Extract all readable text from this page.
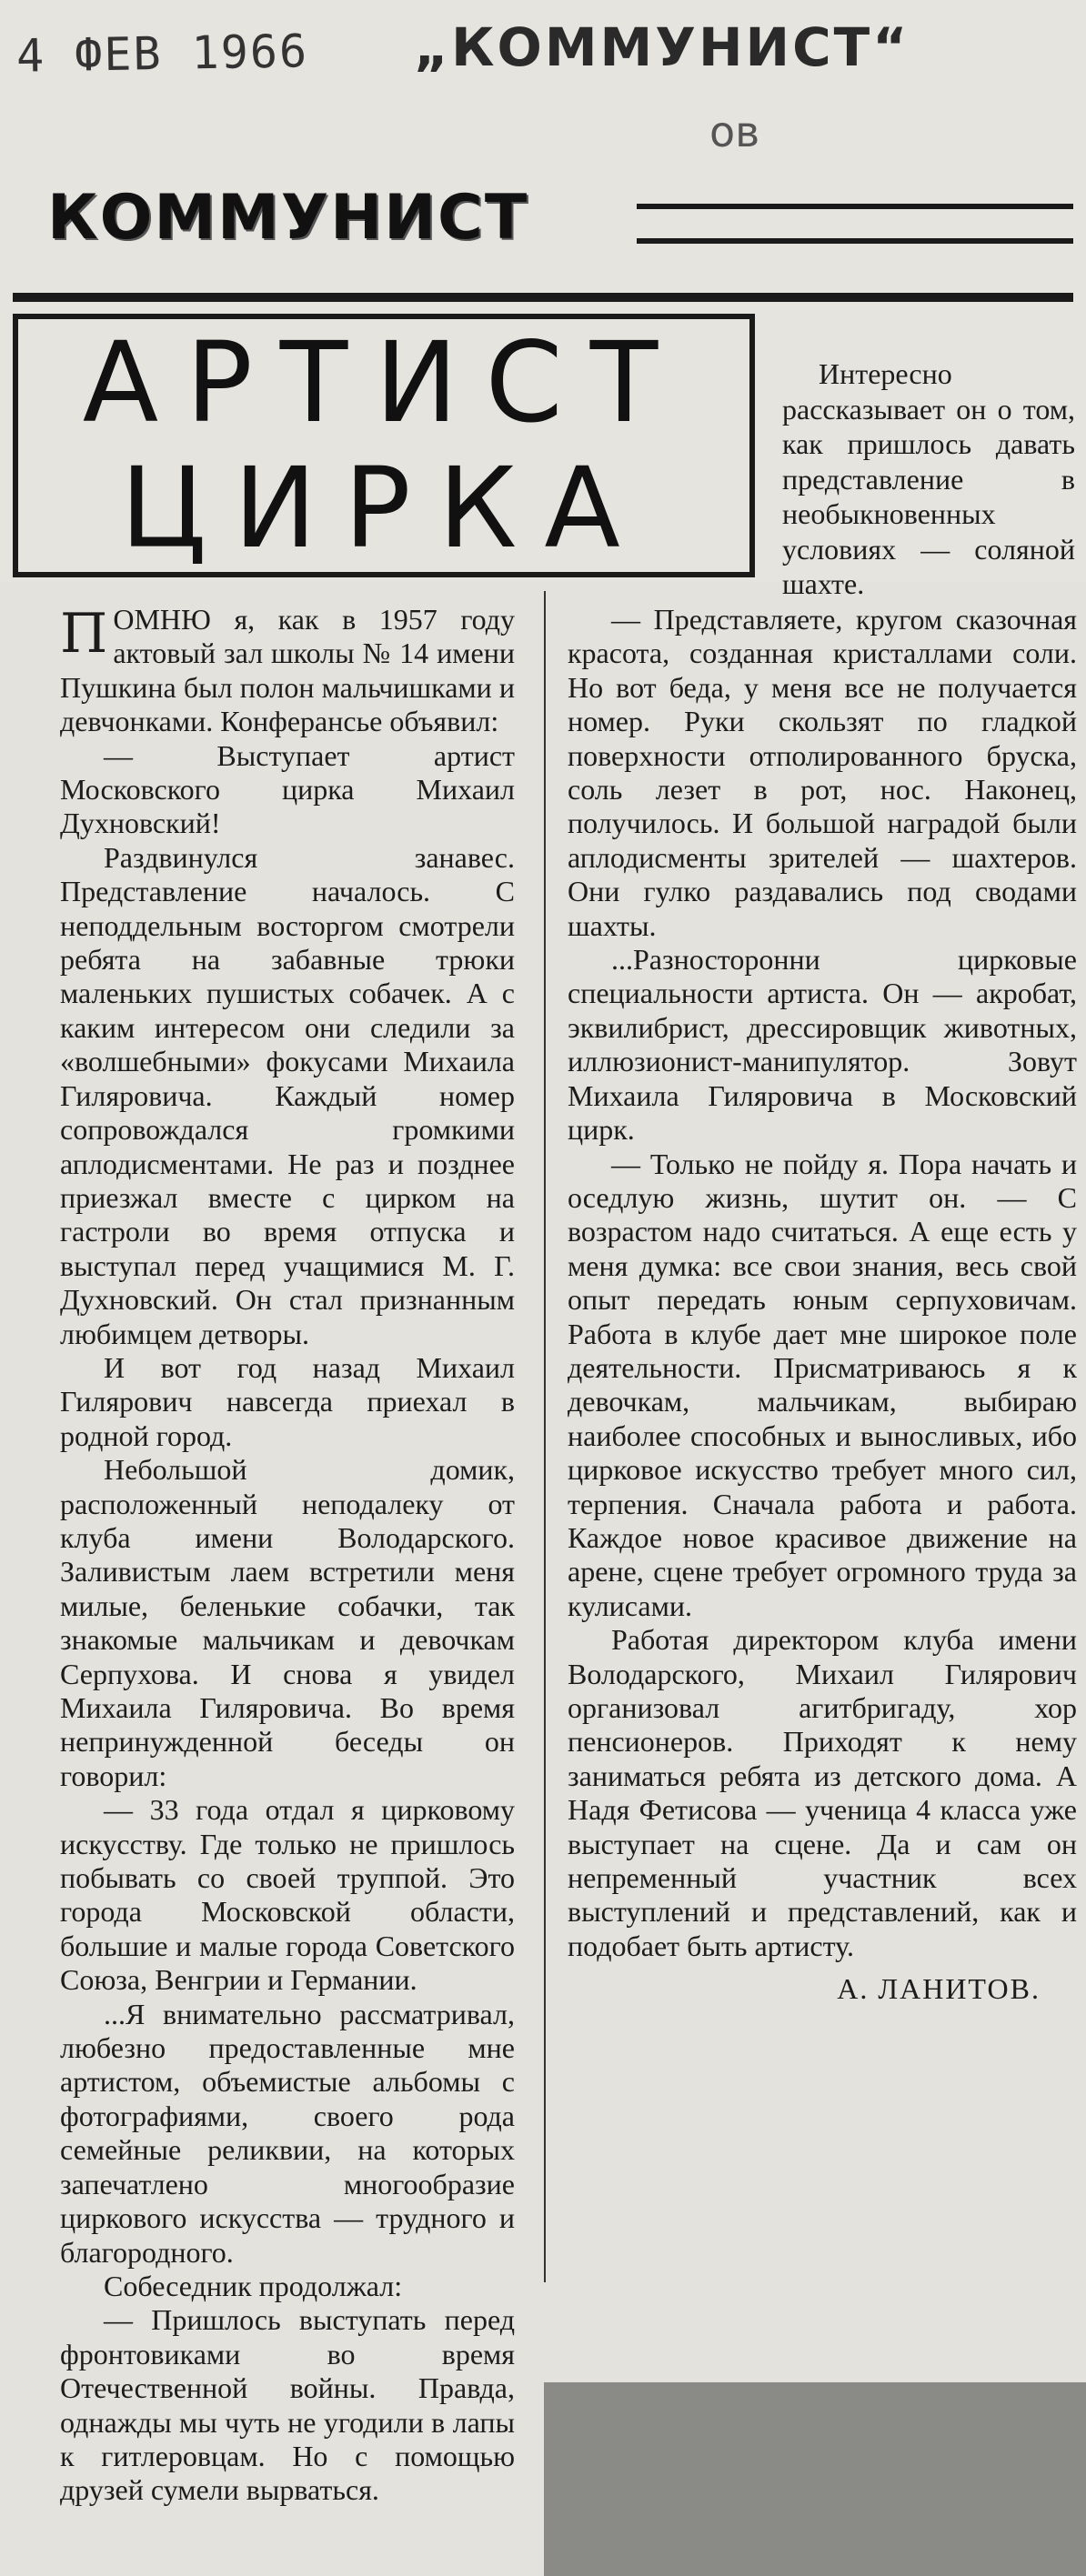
4 ФЕВ 1966 „КОММУНИСТ“
ов
КОММУНИСТ
АРТИСТ
ЦИРКА

Интересно рассказывает он о том, как пришлось давать представление в необыкновенных условиях — соляной шахте.

ПОМНЮ я, как в 1957 году актовый зал школы № 14 имени Пушкина был полон мальчишками и девчонками. Конферансье объявил:

— Выступает артист Московского цирка Михаил Духновский!

Раздвинулся занавес. Представление началось. С неподдельным восторгом смотрели ребята на забавные трюки маленьких пушистых собачек. А с каким интересом они следили за «волшебными» фокусами Михаила Гиляровича. Каждый номер сопровождался громкими аплодисментами. Не раз и позднее приезжал вместе с цирком на гастроли во время отпуска и выступал перед учащимися М. Г. Духновский. Он стал признанным любимцем детворы.

И вот год назад Михаил Гилярович навсегда приехал в родной город.

Небольшой домик, расположенный неподалеку от клуба имени Володарского. Заливистым лаем встретили меня милые, беленькие собачки, так знакомые мальчикам и девочкам Серпухова. И снова я увидел Михаила Гиляровича. Во время непринужденной беседы он говорил:

— 33 года отдал я цирковому искусству. Где только не пришлось побывать со своей труппой. Это города Московской области, большие и малые города Советского Союза, Венгрии и Германии.

...Я внимательно рассматривал, любезно предоставленные мне артистом, объемистые альбомы с фотографиями, своего рода семейные реликвии, на которых запечатлено многообразие циркового искусства — трудного и благородного.

Собеседник продолжал:

— Пришлось выступать перед фронтовиками во время Отечественной войны. Правда, однажды мы чуть не угодили в лапы к гитлеровцам. Но с помощью друзей сумели вырваться.

— Представляете, кругом сказочная красота, созданная кристаллами соли. Но вот беда, у меня все не получается номер. Руки скользят по гладкой поверхности отполированного бруска, соль лезет в рот, нос. Наконец, получилось. И большой наградой были аплодисменты зрителей — шахтеров. Они гулко раздавались под сводами шахты.

...Разносторонни цирковые специальности артиста. Он — акробат, эквилибрист, дрессировщик животных, иллюзионист-манипулятор. Зовут Михаила Гиляровича в Московский цирк.

— Только не пойду я. Пора начать и оседлую жизнь, шутит он. — С возрастом надо считаться. А еще есть у меня думка: все свои знания, весь свой опыт передать юным серпуховичам. Работа в клубе дает мне широкое поле деятельности. Присматриваюсь я к девочкам, мальчикам, выбираю наиболее способных и выносливых, ибо цирковое искусство требует много сил, терпения. Сначала работа и работа. Каждое новое красивое движение на арене, сцене требует огромного труда за кулисами.

Работая директором клуба имени Володарского, Михаил Гилярович организовал агитбригаду, хор пенсионеров. Приходят к нему заниматься ребята из детского дома. А Надя Фетисова — ученица 4 класса уже выступает на сцене. Да и сам он непременный участник всех выступлений и представлений, как и подобает быть артисту.

А. ЛАНИТОВ.
